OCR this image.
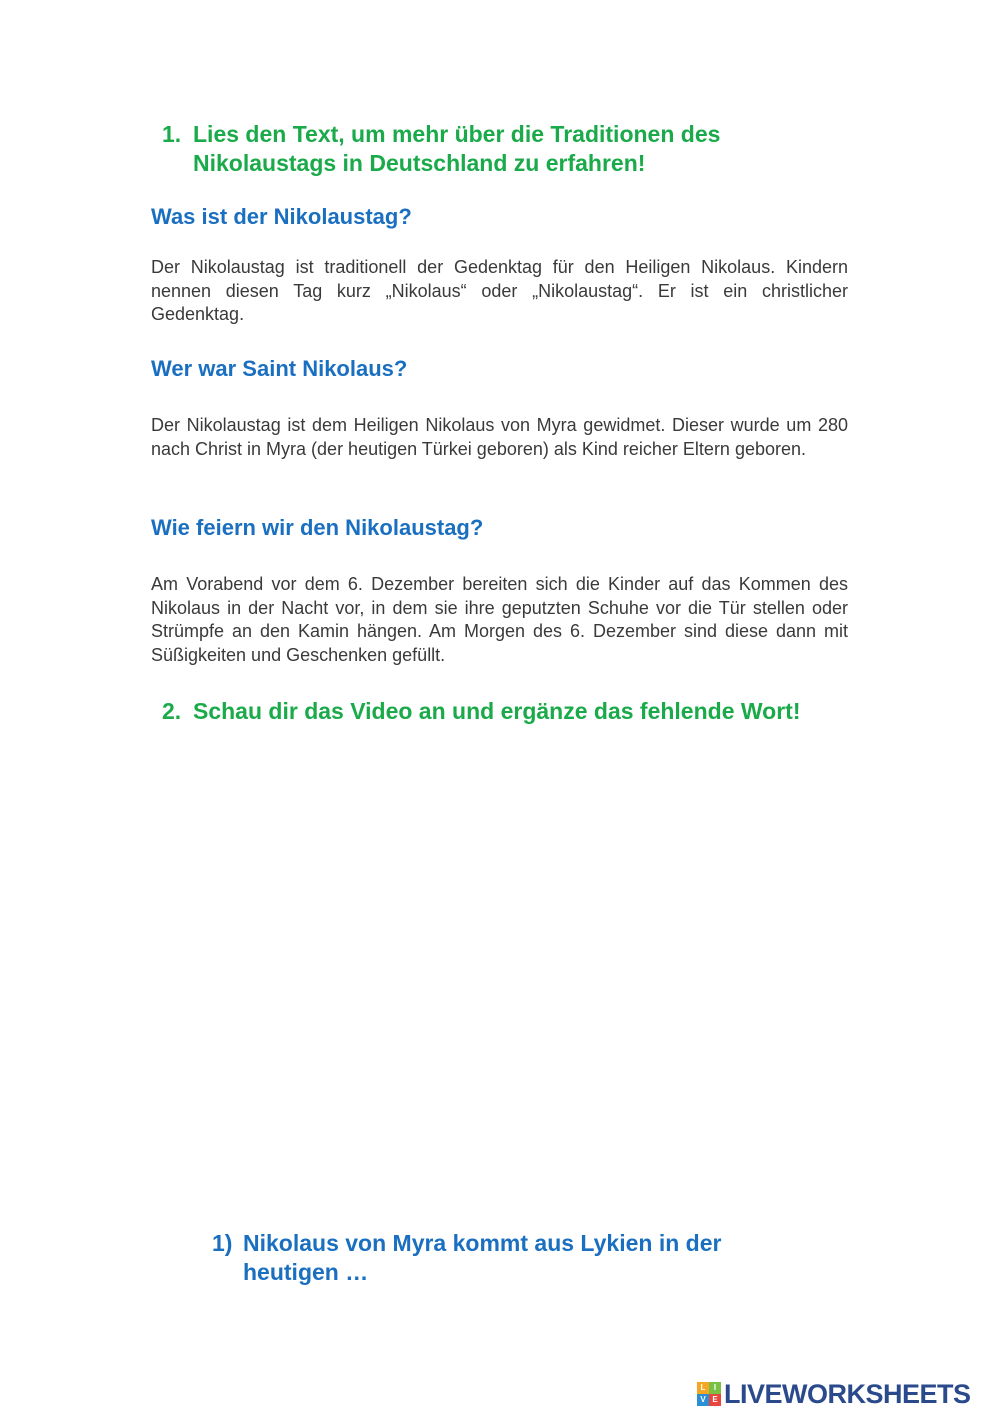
1. Lies den Text, um mehr über die Traditionen des Nikolaustags in Deutschland zu erfahren!
Was ist der Nikolaustag?

Der Nikolaustag ist traditionell der Gedenktag für den Heiligen Nikolaus. Kindern nennen diesen Tag kurz „Nikolaus“ oder „Nikolaustag“. Er ist ein christlicher Gedenktag.

Wer war Saint Nikolaus?

Der Nikolaustag ist dem Heiligen Nikolaus von Myra gewidmet. Dieser wurde um 280 nach Christ in Myra (der heutigen Türkei geboren) als Kind reicher Eltern geboren.

Wie feiern wir den Nikolaustag?

Am Vorabend vor dem 6. Dezember bereiten sich die Kinder auf das Kommen des Nikolaus in der Nacht vor, in dem sie ihre geputzten Schuhe vor die Tür stellen oder Strümpfe an den Kamin hängen. Am Morgen des 6. Dezember sind diese dann mit Süßigkeiten und Geschenken gefüllt.

2. Schau dir das Video an und ergänze das fehlende Wort!
1) Nikolaus von Myra kommt aus Lykien in der heutigen …
L	I
V E LIVEWORKSHEETS
